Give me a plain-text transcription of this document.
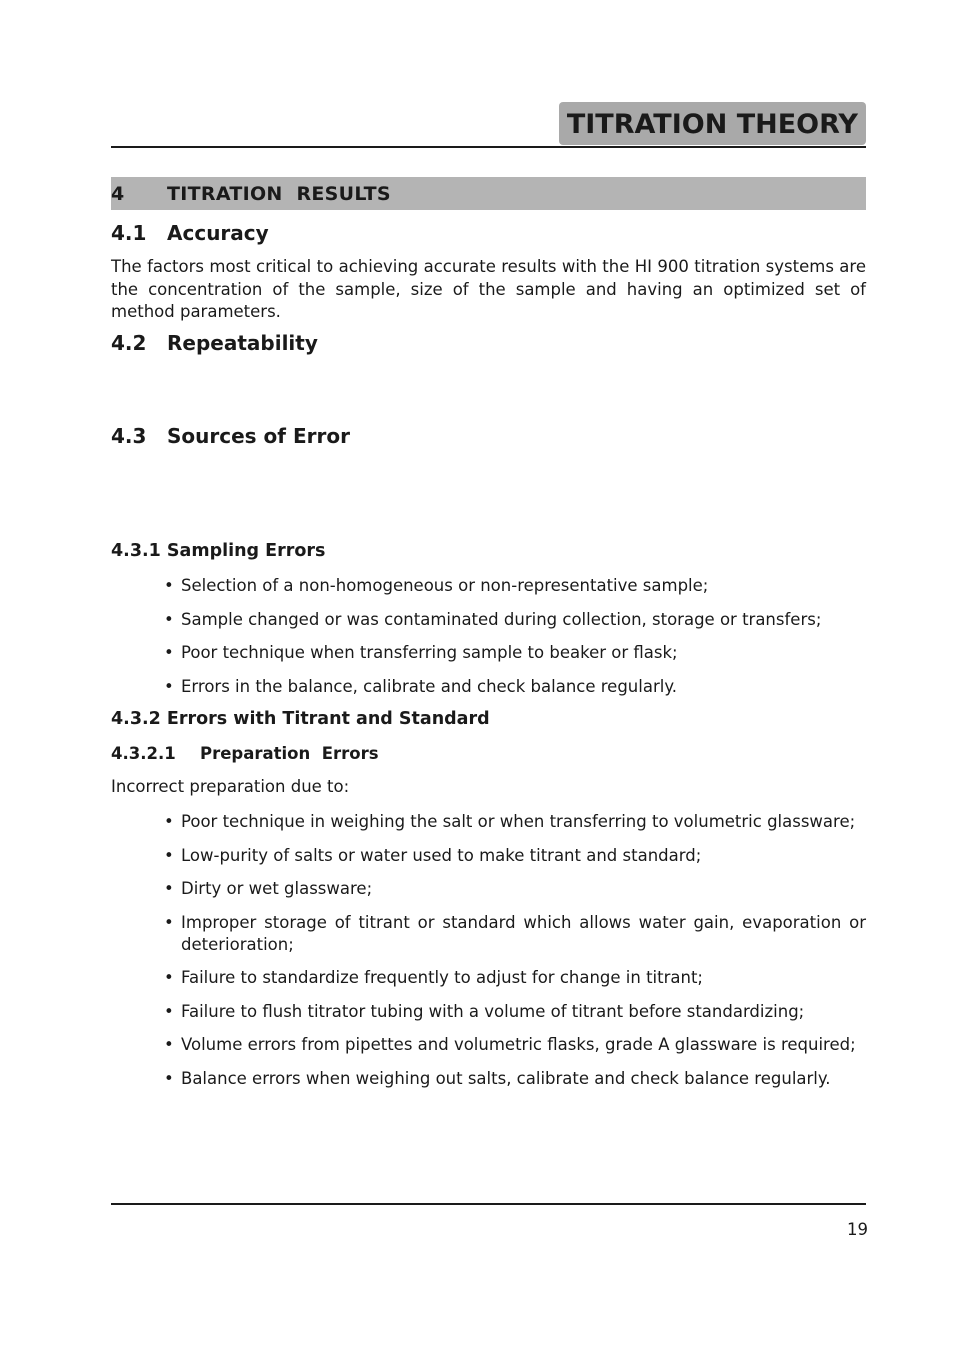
TITRATION THEORY
4 TITRATION  RESULTS
4.1 Accuracy

The factors most critical to achieving accurate results with the HI 900 titration systems are the concentration of the sample, size of the sample and having an optimized set of method parameters.

4.2 Repeatability
4.3 Sources of Error
4.3.1 Sampling Errors
• Selection of a non-homogeneous or non-representative sample;
• Sample changed or was contaminated during collection, storage or transfers;
• Poor technique when transferring sample to beaker or flask;
• Errors in the balance, calibrate and check balance regularly.
4.3.2 Errors with Titrant and Standard
4.3.2.1 Preparation  Errors
Incorrect preparation due to:
• Poor technique in weighing the salt or when transferring to volumetric glassware;
• Low-purity of salts or water used to make titrant and standard;
• Dirty or wet glassware;
• Improper storage of titrant or standard which allows water gain, evaporation or deterioration;
• Failure to standardize frequently to adjust for change in titrant;
• Failure to flush titrator tubing with a volume of titrant before standardizing;
• Volume errors from pipettes and volumetric flasks, grade A glassware is required;
• Balance errors when weighing out salts, calibrate and check balance regularly.
19
